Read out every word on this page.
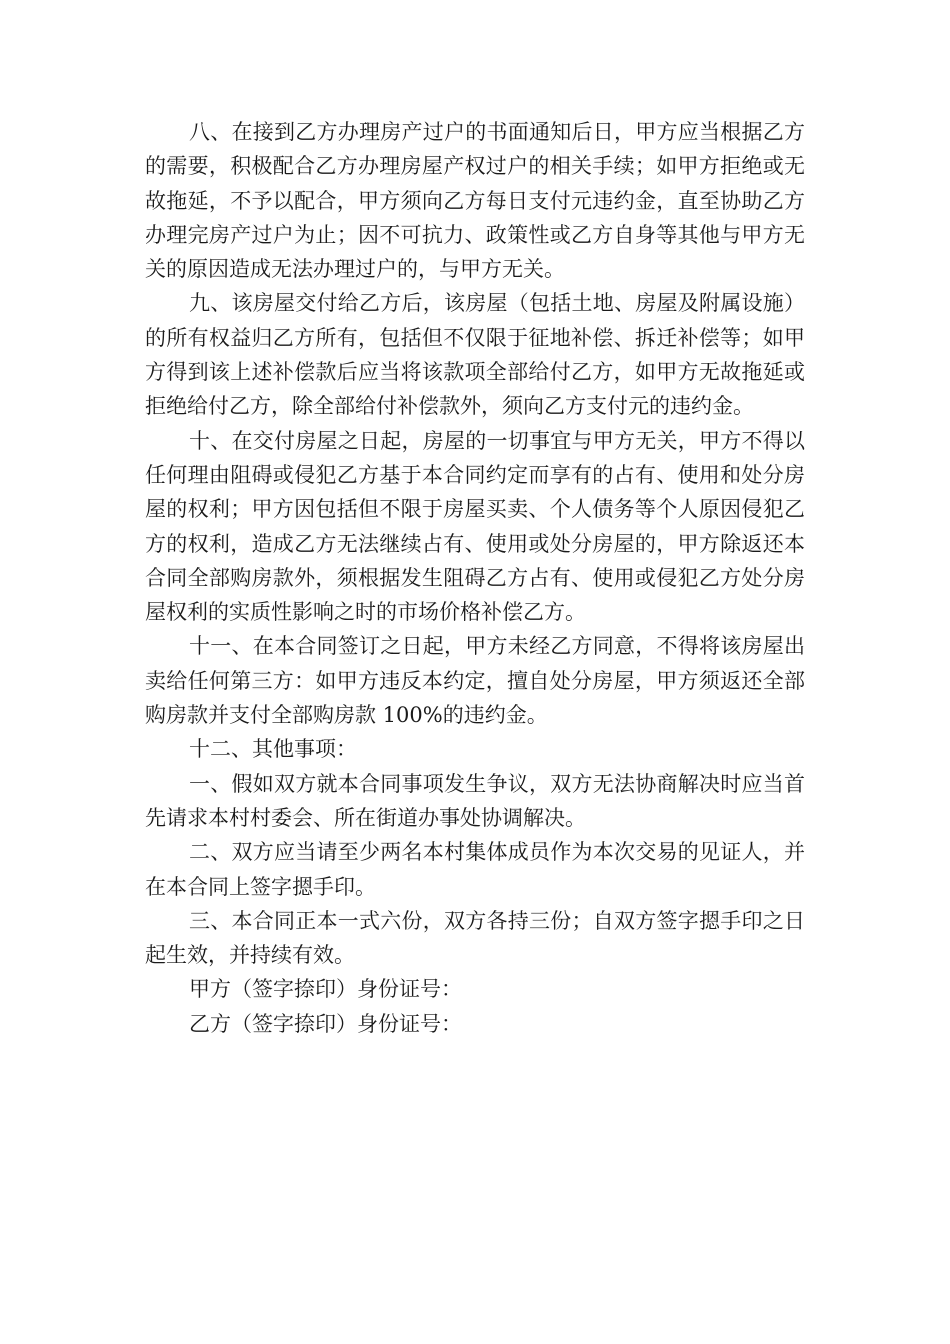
八、在接到乙方办理房产过户的书面通知后日，甲方应当根据乙方的需要，积极配合乙方办理房屋产权过户的相关手续；如甲方拒绝或无故拖延，不予以配合，甲方须向乙方每日支付元违约金，直至协助乙方办理完房产过户为止；因不可抗力、政策性或乙方自身等其他与甲方无关的原因造成无法办理过户的，与甲方无关。

九、该房屋交付给乙方后，该房屋（包括土地、房屋及附属设施）的所有权益归乙方所有，包括但不仅限于征地补偿、拆迁补偿等；如甲方得到该上述补偿款后应当将该款项全部给付乙方，如甲方无故拖延或拒绝给付乙方，除全部给付补偿款外，须向乙方支付元的违约金。

十、在交付房屋之日起，房屋的一切事宜与甲方无关，甲方不得以任何理由阻碍或侵犯乙方基于本合同约定而享有的占有、使用和处分房屋的权利；甲方因包括但不限于房屋买卖、个人债务等个人原因侵犯乙方的权利，造成乙方无法继续占有、使用或处分房屋的，甲方除返还本合同全部购房款外，须根据发生阻碍乙方占有、使用或侵犯乙方处分房屋权利的实质性影响之时的市场价格补偿乙方。

十一、在本合同签订之日起，甲方未经乙方同意，不得将该房屋出卖给任何第三方：如甲方违反本约定，擅自处分房屋，甲方须返还全部购房款并支付全部购房款 100%的违约金。

十二、其他事项：

一、假如双方就本合同事项发生争议，双方无法协商解决时应当首先请求本村村委会、所在街道办事处协调解决。

二、双方应当请至少两名本村集体成员作为本次交易的见证人，并在本合同上签字摁手印。

三、本合同正本一式六份，双方各持三份；自双方签字摁手印之日起生效，并持续有效。

甲方（签字捺印）身份证号：

乙方（签字捺印）身份证号：
